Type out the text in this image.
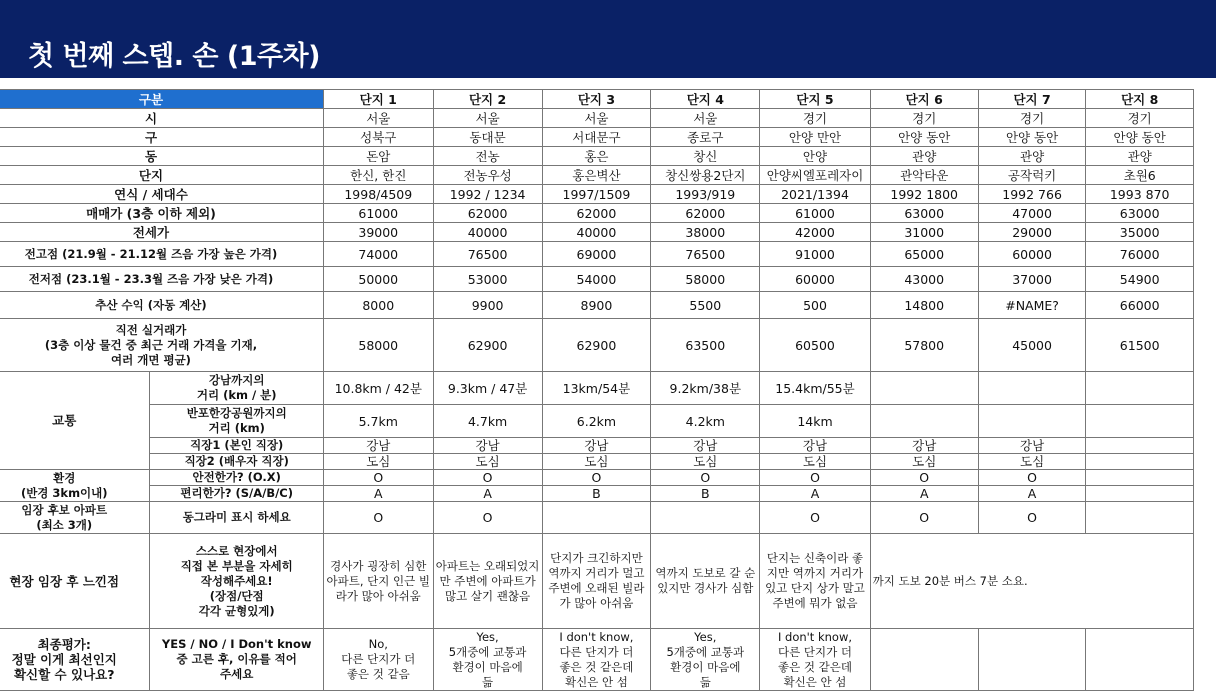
첫 번째 스텝. 손 (1주차)
구분		단지 1	단지 2	단지 3	단지 4	단지 5	단지 6	단지 7	단지 8
시		서울	서울	서울	서울	경기	경기	경기	경기
구		성북구	동대문	서대문구	종로구	안양 만안	안양 동안	안양 동안	안양 동안
동		돈암	전농	홍은	창신	안양	관양	관양	관양
단지		한신, 한진	전농우성	홍은벽산	창신쌍용2단지	안양씨엘포레자이	관악타운	공작럭키	초원6
연식 / 세대수		1998/4509	1992 / 1234	1997/1509	1993/919	2021/1394	1992 1800	1992 766	1993 870
매매가 (3층 이하 제외)		61000	62000	62000	62000	61000	63000	47000	63000
전세가		39000	40000	40000	38000	42000	31000	29000	35000
전고점 (21.9월 - 21.12월 즈음 가장 높은 가격)		74000	76500	69000	76500	91000	65000	60000	76000
전저점 (23.1월 - 23.3월 즈음 가장 낮은 가격)		50000	53000	54000	58000	60000	43000	37000	54900
추산 수익 (자동 계산)		8000	9900	8900	5500	500	14800	#NAME?	66000
직전 실거래가
(3층 이상 물건 중 최근 거래 가격을 기재,
여러 개면 평균)		58000	62900	62900	63500	60500	57800	45000	61500
교통	강남까지의
거리 (km / 분)	10.8km / 42분	9.3km / 47분	13km/54분	9.2km/38분	15.4km/55분			
	반포한강공원까지의
거리 (km)	5.7km	4.7km	6.2km	4.2km	14km			
	직장1 (본인 직장)	강남	강남	강남	강남	강남	강남	강남	
	직장2 (배우자 직장)	도심	도심	도심	도심	도심	도심	도심	
환경
(반경 3km이내)	안전한가? (O.X)	O	O	O	O	O	O	O	
	편리한가? (S/A/B/C)	A	A	B	B	A	A	A	
임장 후보 아파트
(최소 3개)	동그라미 표시 하세요	O	O			O	O	O	
현장 임장 후 느낀점	스스로 현장에서
직접 본 부분을 자세히
작성해주세요!
(장점/단점
각각 균형있게)	경사가 굉장히 심한 아파트, 단지 인근 빌라가 많아 아쉬움	아파트는 오래되었지만 주변에 아파트가 많고 살기 괜찮음	단지가 크긴하지만 역까지 거리가 멀고 주변에 오래된 빌라가 많아 아쉬움	역까지 도보로 갈 순 있지만 경사가 심함	단지는 신축이라 좋지만 역까지 거리가 있고 단지 상가 말고 주변에 뭐가 없음	까지 도보 20분 버스 7분 소요.		
최종평가:
정말 이게 최선인지
확신할 수 있나요?	YES / NO / I Don't know
중 고른 후, 이유를 적어
주세요	No,
다른 단지가 더
좋은 것 같음	Yes,
5개중에 교통과
환경이 마음에
듦	I don't know,
다른 단지가 더
좋은 것 같은데
확신은 안 섬	Yes,
5개중에 교통과
환경이 마음에
듦	I don't know,
다른 단지가 더
좋은 것 같은데
확신은 안 섬			
